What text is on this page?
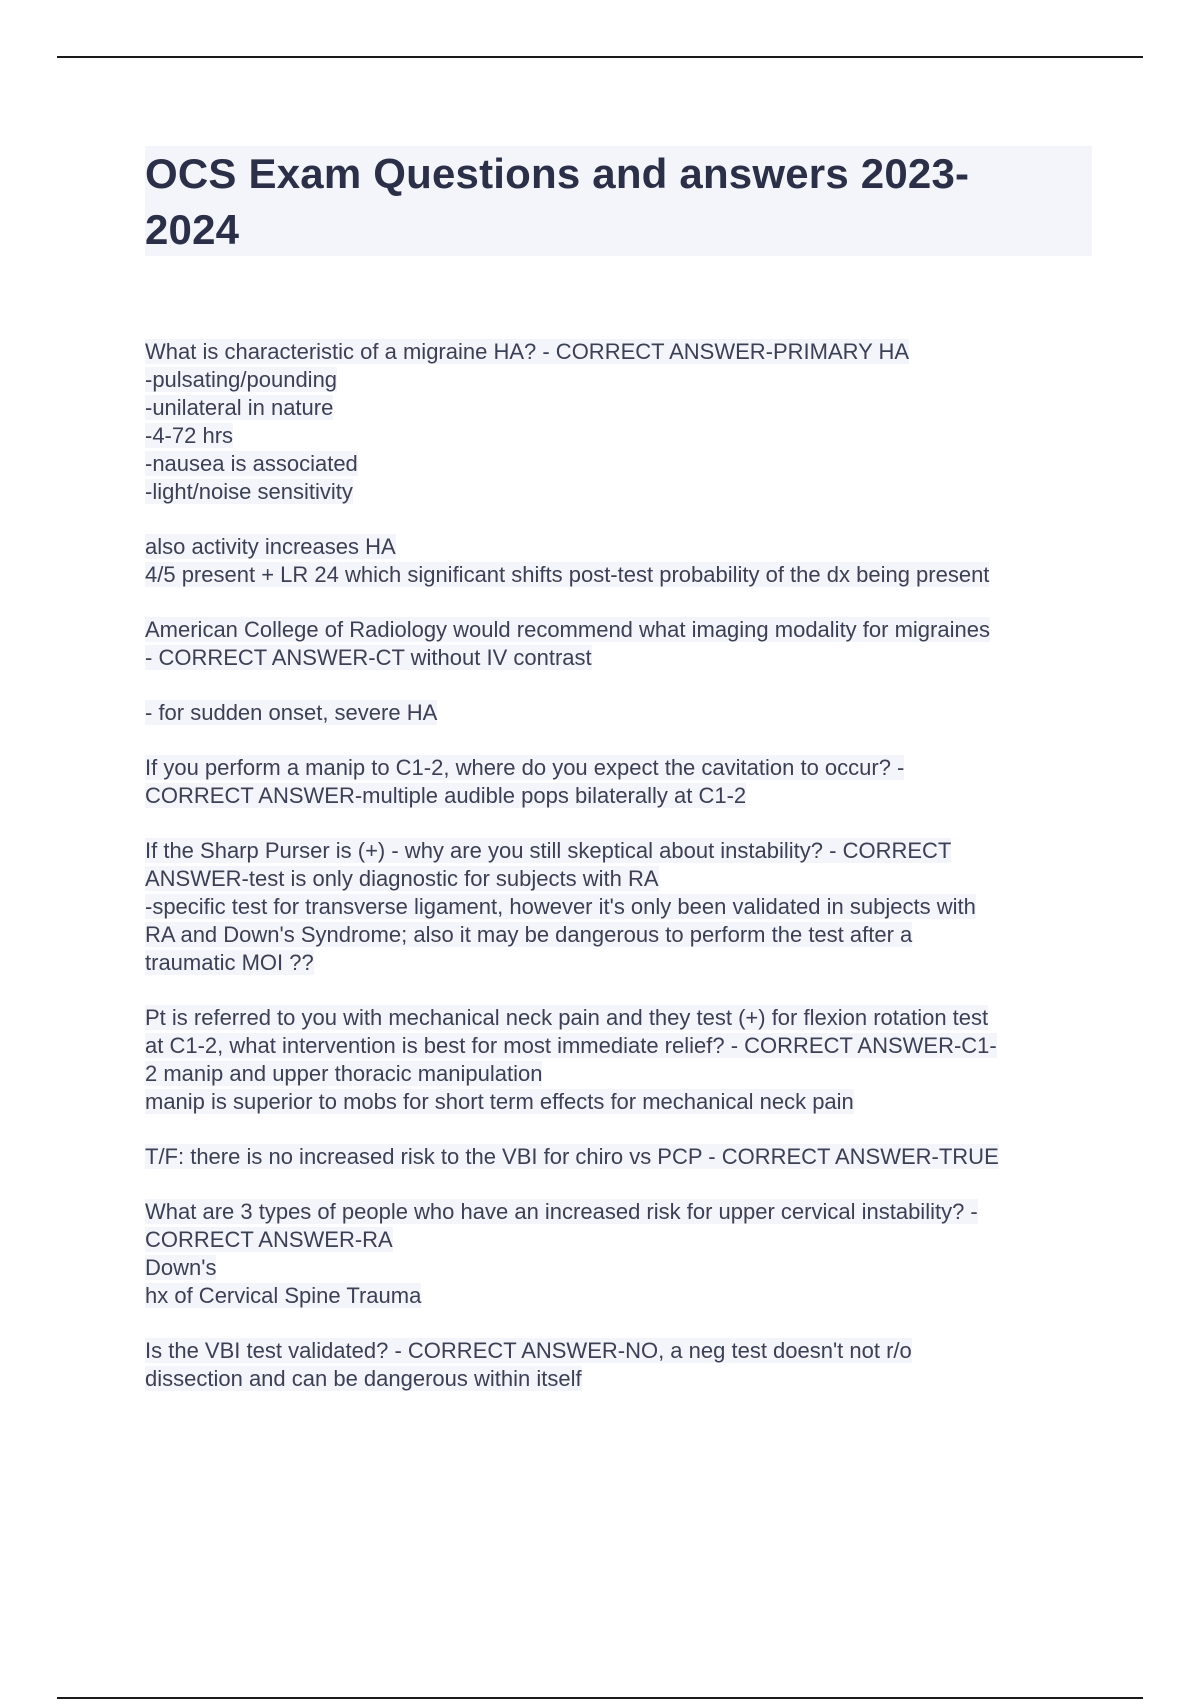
OCS Exam Questions and answers 2023-
2024
What is characteristic of a migraine HA? - CORRECT ANSWER-PRIMARY HA
-pulsating/pounding
-unilateral in nature
-4-72 hrs
-nausea is associated
-light/noise sensitivity
also activity increases HA
4/5 present + LR 24 which significant shifts post-test probability of the dx being present
American College of Radiology would recommend what imaging modality for migraines
- CORRECT ANSWER-CT without IV contrast
- for sudden onset, severe HA
If you perform a manip to C1-2, where do you expect the cavitation to occur? -
CORRECT ANSWER-multiple audible pops bilaterally at C1-2
If the Sharp Purser is (+) - why are you still skeptical about instability? - CORRECT
ANSWER-test is only diagnostic for subjects with RA
-specific test for transverse ligament, however it's only been validated in subjects with
RA and Down's Syndrome; also it may be dangerous to perform the test after a
traumatic MOI ??
Pt is referred to you with mechanical neck pain and they test (+) for flexion rotation test
at C1-2, what intervention is best for most immediate relief? - CORRECT ANSWER-C1-
2 manip and upper thoracic manipulation
manip is superior to mobs for short term effects for mechanical neck pain
T/F: there is no increased risk to the VBI for chiro vs PCP - CORRECT ANSWER-TRUE
What are 3 types of people who have an increased risk for upper cervical instability? -
CORRECT ANSWER-RA
Down's
hx of Cervical Spine Trauma
Is the VBI test validated? - CORRECT ANSWER-NO, a neg test doesn't not r/o
dissection and can be dangerous within itself
